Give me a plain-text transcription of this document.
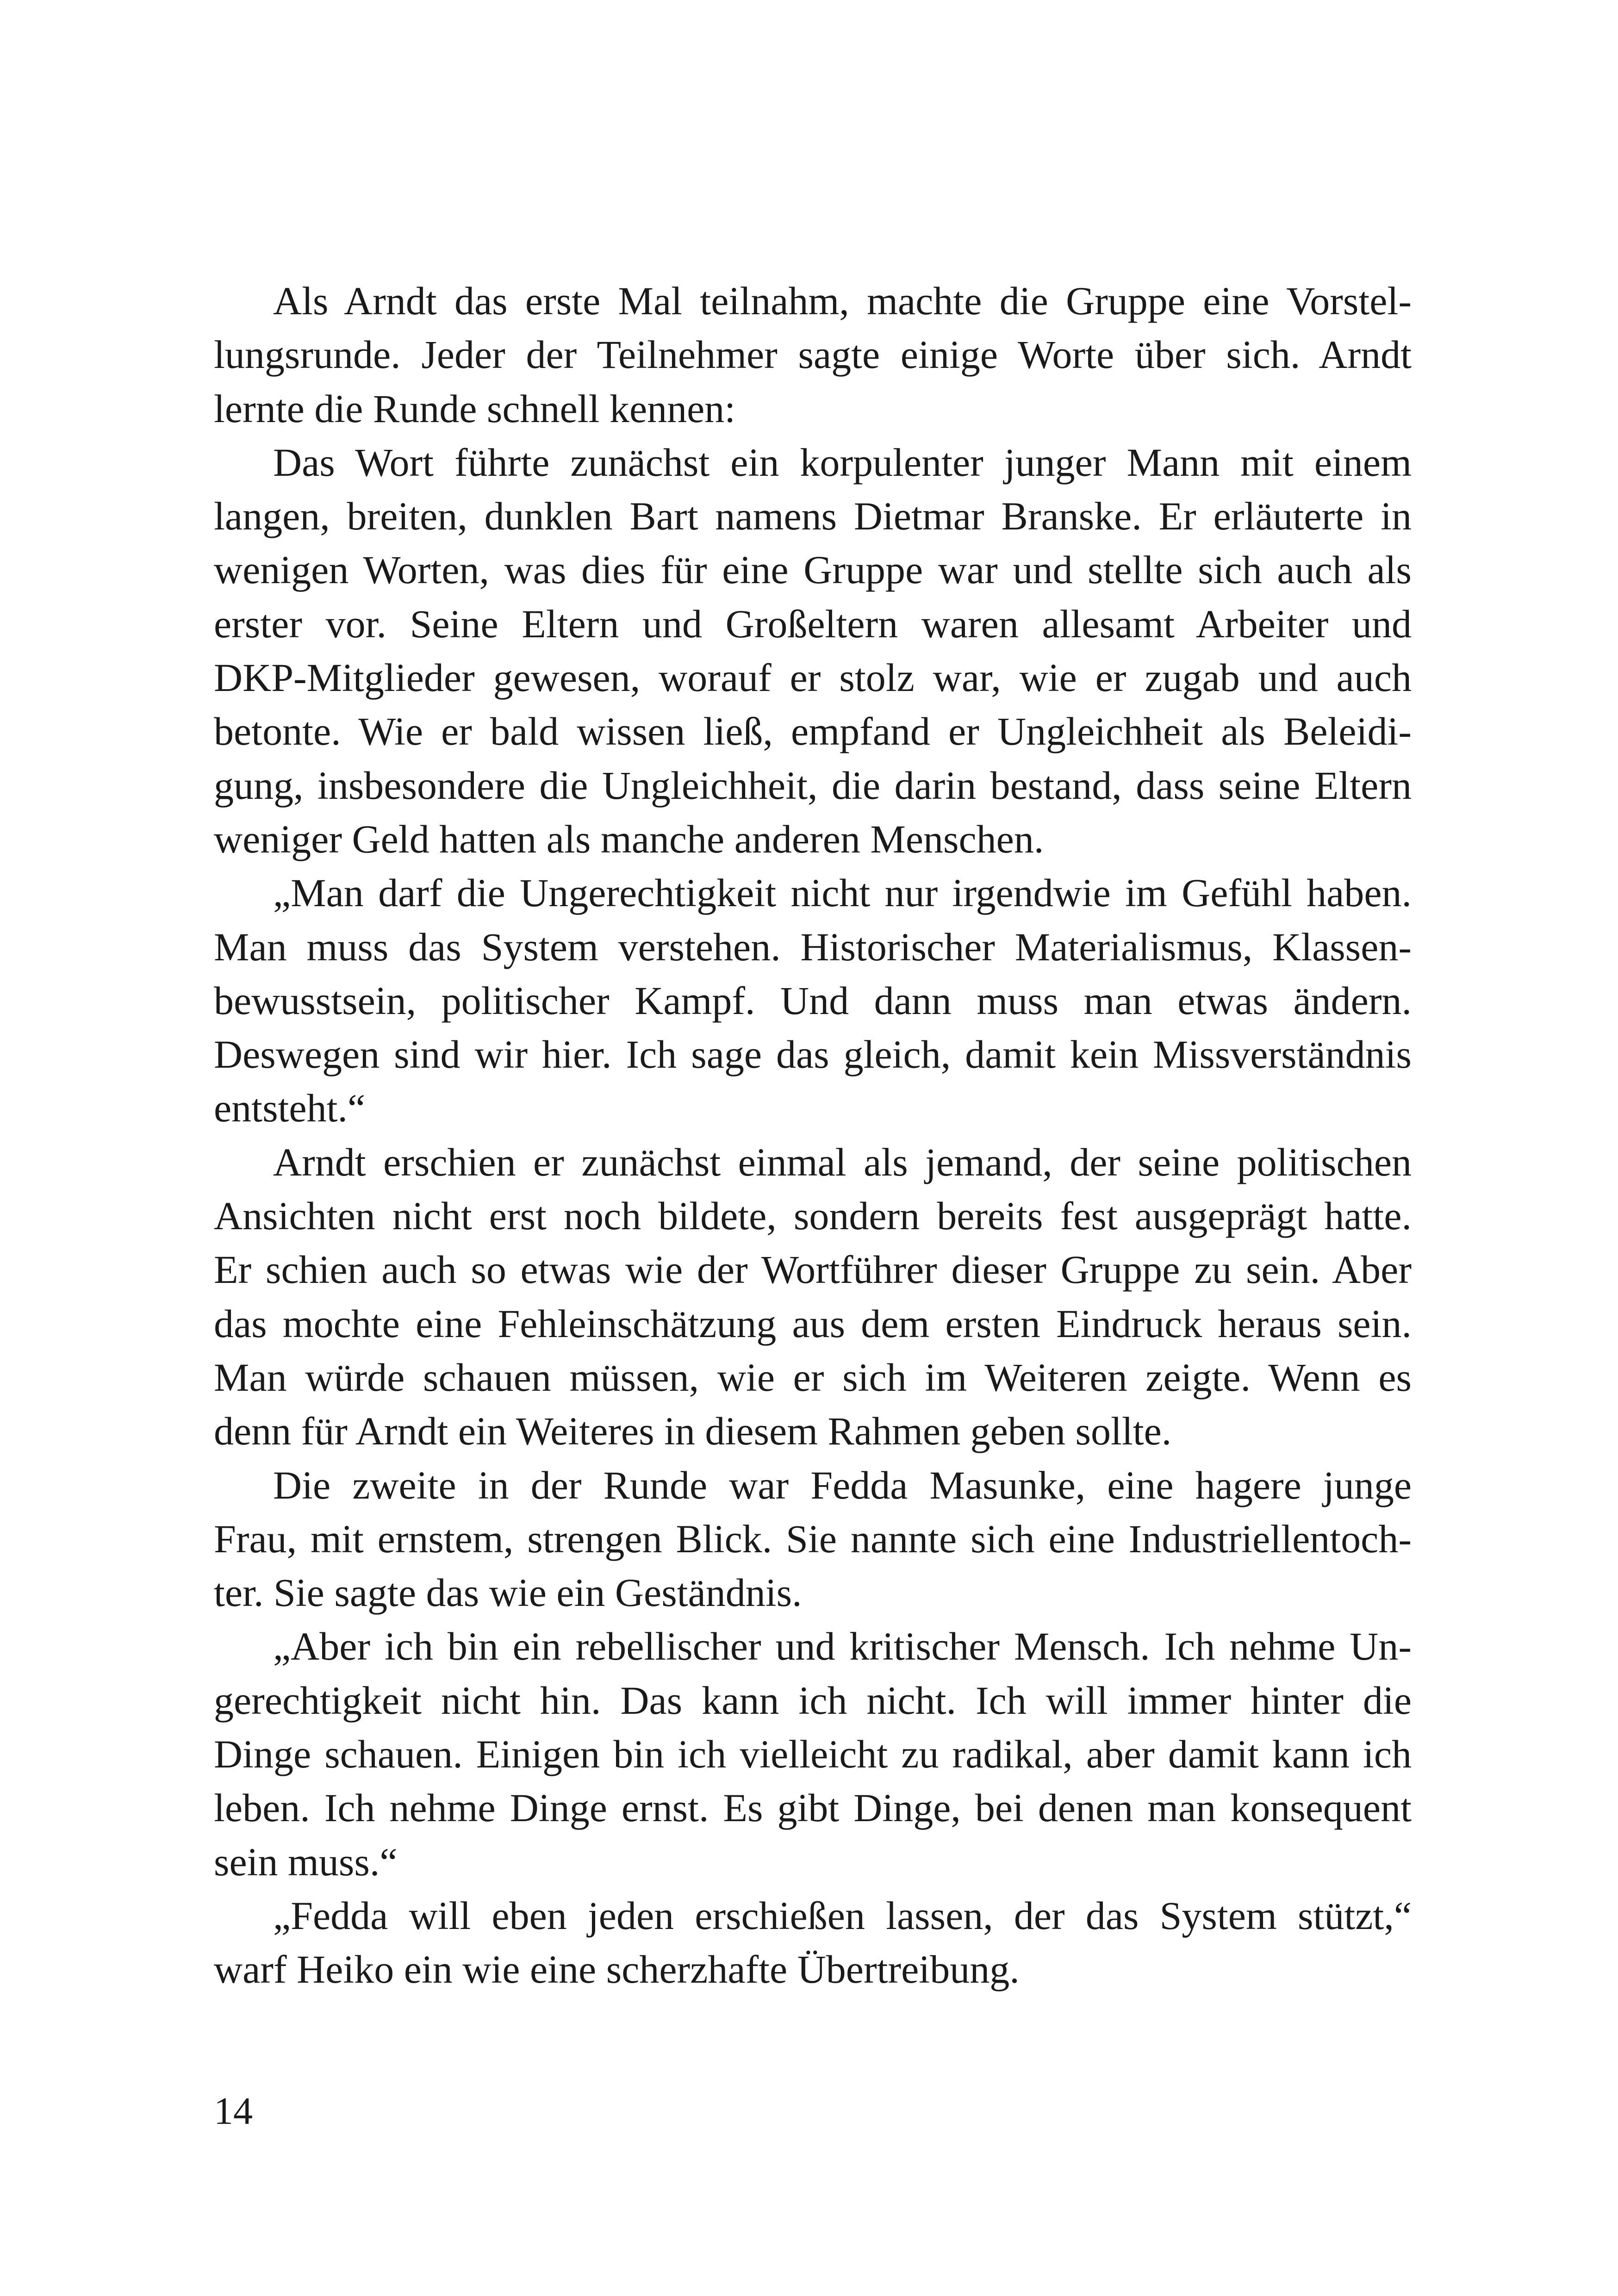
Als Arndt das erste Mal teilnahm, machte die Gruppe eine Vorstel-
lungsrunde. Jeder der Teilnehmer sagte einige Worte über sich. Arndt
lernte die Runde schnell kennen:
Das Wort führte zunächst ein korpulenter junger Mann mit einem
langen, breiten, dunklen Bart namens Dietmar Branske. Er erläuterte in
wenigen Worten, was dies für eine Gruppe war und stellte sich auch als
erster vor. Seine Eltern und Großeltern waren allesamt Arbeiter und
DKP-Mitglieder gewesen, worauf er stolz war, wie er zugab und auch
betonte. Wie er bald wissen ließ, empfand er Ungleichheit als Beleidi-
gung, insbesondere die Ungleichheit, die darin bestand, dass seine Eltern
weniger Geld hatten als manche anderen Menschen.
„Man darf die Ungerechtigkeit nicht nur irgendwie im Gefühl haben.
Man muss das System verstehen. Historischer Materialismus, Klassen-
bewusstsein, politischer Kampf. Und dann muss man etwas ändern.
Deswegen sind wir hier. Ich sage das gleich, damit kein Missverständnis
entsteht.“
Arndt erschien er zunächst einmal als jemand, der seine politischen
Ansichten nicht erst noch bildete, sondern bereits fest ausgeprägt hatte.
Er schien auch so etwas wie der Wortführer dieser Gruppe zu sein. Aber
das mochte eine Fehleinschätzung aus dem ersten Eindruck heraus sein.
Man würde schauen müssen, wie er sich im Weiteren zeigte. Wenn es
denn für Arndt ein Weiteres in diesem Rahmen geben sollte.
Die zweite in der Runde war Fedda Masunke, eine hagere junge
Frau, mit ernstem, strengen Blick. Sie nannte sich eine Industriellentoch-
ter. Sie sagte das wie ein Geständnis.
„Aber ich bin ein rebellischer und kritischer Mensch. Ich nehme Un-
gerechtigkeit nicht hin. Das kann ich nicht. Ich will immer hinter die
Dinge schauen. Einigen bin ich vielleicht zu radikal, aber damit kann ich
leben. Ich nehme Dinge ernst. Es gibt Dinge, bei denen man konsequent
sein muss.“
„Fedda will eben jeden erschießen lassen, der das System stützt,“
warf Heiko ein wie eine scherzhafte Übertreibung.
14
